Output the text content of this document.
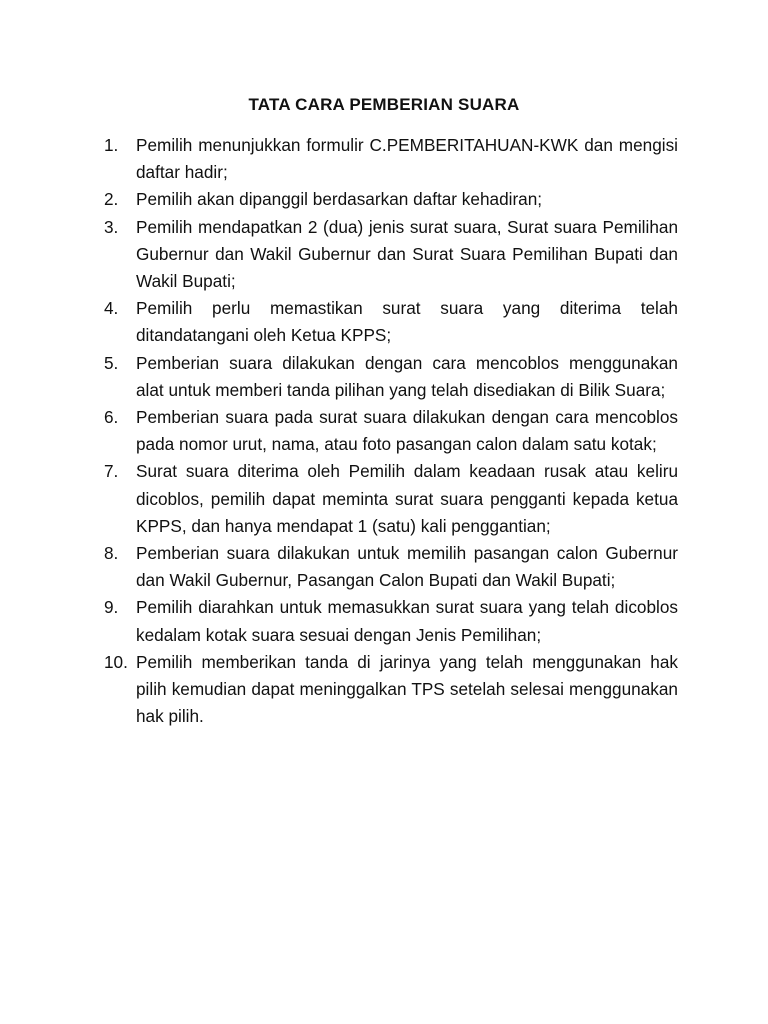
TATA CARA PEMBERIAN SUARA
1. Pemilih menunjukkan formulir C.PEMBERITAHUAN-KWK dan mengisi daftar hadir;
2. Pemilih akan dipanggil berdasarkan daftar kehadiran;
3. Pemilih mendapatkan 2 (dua) jenis surat suara, Surat suara Pemilihan Gubernur dan Wakil Gubernur dan Surat Suara Pemilihan Bupati dan Wakil Bupati;
4. Pemilih perlu memastikan surat suara yang diterima telah ditandatangani oleh Ketua KPPS;
5. Pemberian suara dilakukan dengan cara mencoblos menggunakan alat untuk memberi tanda pilihan yang telah disediakan di Bilik Suara;
6. Pemberian suara pada surat suara dilakukan dengan cara mencoblos pada nomor urut, nama, atau foto pasangan calon dalam satu kotak;
7. Surat suara diterima oleh Pemilih dalam keadaan rusak atau keliru dicoblos, pemilih dapat meminta surat suara pengganti kepada ketua KPPS, dan hanya mendapat 1 (satu) kali penggantian;
8. Pemberian suara dilakukan untuk memilih pasangan calon Gubernur dan Wakil Gubernur, Pasangan Calon Bupati dan Wakil Bupati;
9. Pemilih diarahkan untuk memasukkan surat suara yang telah dicoblos kedalam kotak suara sesuai dengan Jenis Pemilihan;
10. Pemilih memberikan tanda di jarinya yang telah menggunakan hak pilih kemudian dapat meninggalkan TPS setelah selesai menggunakan hak pilih.
